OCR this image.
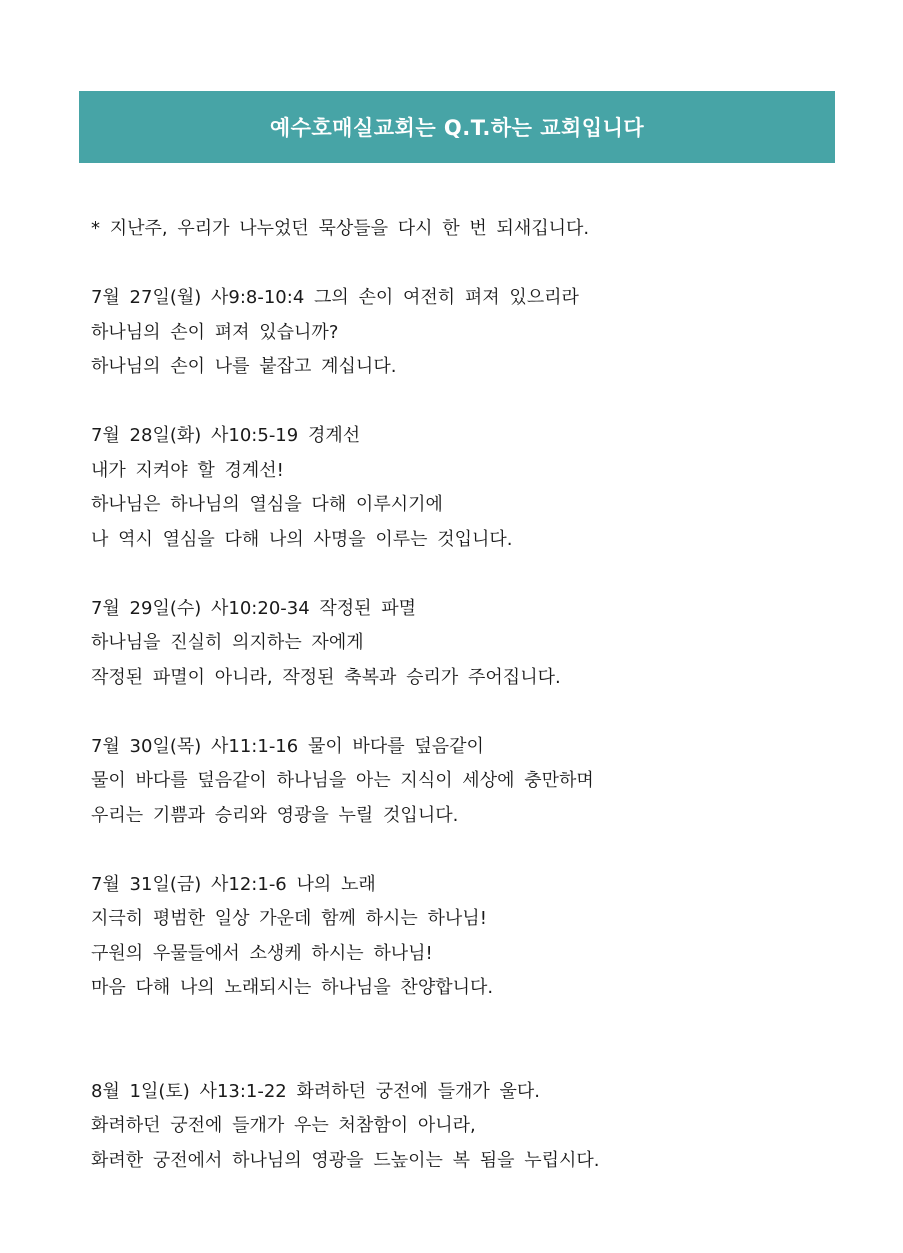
예수호매실교회는 Q.T.하는 교회입니다
* 지난주, 우리가 나누었던 묵상들을 다시 한 번 되새깁니다.
7월 27일(월) 사9:8-10:4 그의 손이 여전히 펴져 있으리라
하나님의 손이 펴져 있습니까?
하나님의 손이 나를 붙잡고 계십니다.
7월 28일(화) 사10:5-19 경계선
내가 지켜야 할 경계선!
하나님은 하나님의 열심을 다해 이루시기에
나 역시 열심을 다해 나의 사명을 이루는 것입니다.
7월 29일(수) 사10:20-34 작정된 파멸
하나님을 진실히 의지하는 자에게
작정된 파멸이 아니라, 작정된 축복과 승리가 주어집니다.
7월 30일(목) 사11:1-16 물이 바다를 덮음같이
물이 바다를 덮음같이 하나님을 아는 지식이 세상에 충만하며
우리는 기쁨과 승리와 영광을 누릴 것입니다.
7월 31일(금) 사12:1-6 나의 노래
지극히 평범한 일상 가운데 함께 하시는 하나님!
구원의 우물들에서 소생케 하시는 하나님!
마음 다해 나의 노래되시는 하나님을 찬양합니다.
8월 1일(토) 사13:1-22 화려하던 궁전에 들개가 울다.
화려하던 궁전에 들개가 우는 처참함이 아니라,
화려한 궁전에서 하나님의 영광을 드높이는 복 됨을 누립시다.
